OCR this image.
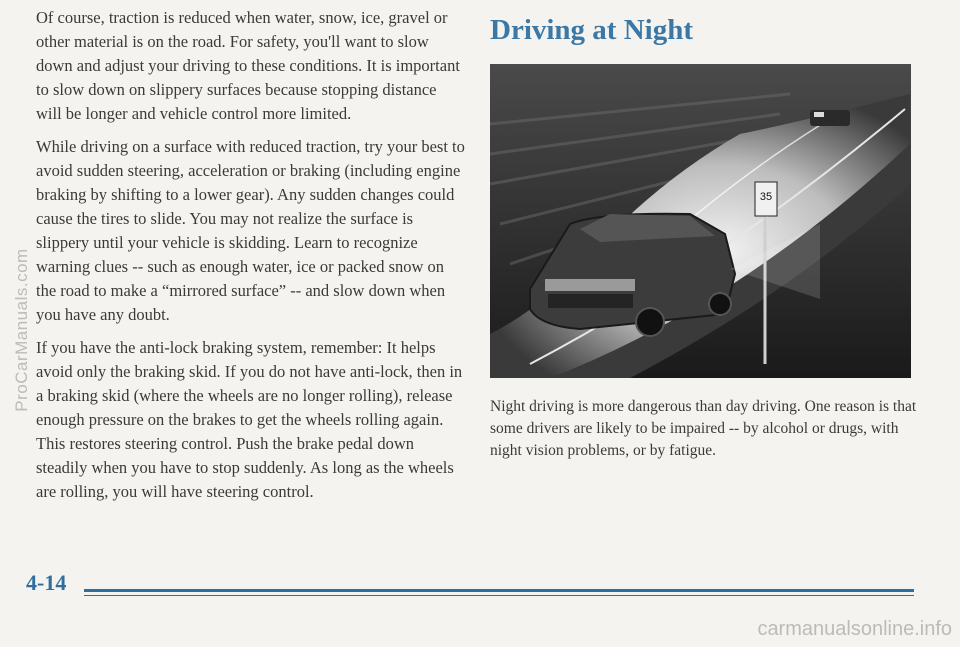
Of course, traction is reduced when water, snow, ice, gravel or other material is on the road. For safety, you'll want to slow down and adjust your driving to these conditions. It is important to slow down on slippery surfaces because stopping distance will be longer and vehicle control more limited.

While driving on a surface with reduced traction, try your best to avoid sudden steering, acceleration or braking (including engine braking by shifting to a lower gear). Any sudden changes could cause the tires to slide. You may not realize the surface is slippery until your vehicle is skidding. Learn to recognize warning clues -- such as enough water, ice or packed snow on the road to make a “mirrored surface” -- and slow down when you have any doubt.

If you have the anti-lock braking system, remember: It helps avoid only the braking skid. If you do not have anti-lock, then in a braking skid (where the wheels are no longer rolling), release enough pressure on the brakes to get the wheels rolling again. This restores steering control. Push the brake pedal down steadily when you have to stop suddenly. As long as the wheels are rolling, you will have steering control.

Driving at Night
35

Night driving is more dangerous than day driving. One reason is that some drivers are likely to be impaired -- by alcohol or drugs, with night vision problems, or by fatigue.

4-14
ProCarManuals.com
carmanualsonline.info
